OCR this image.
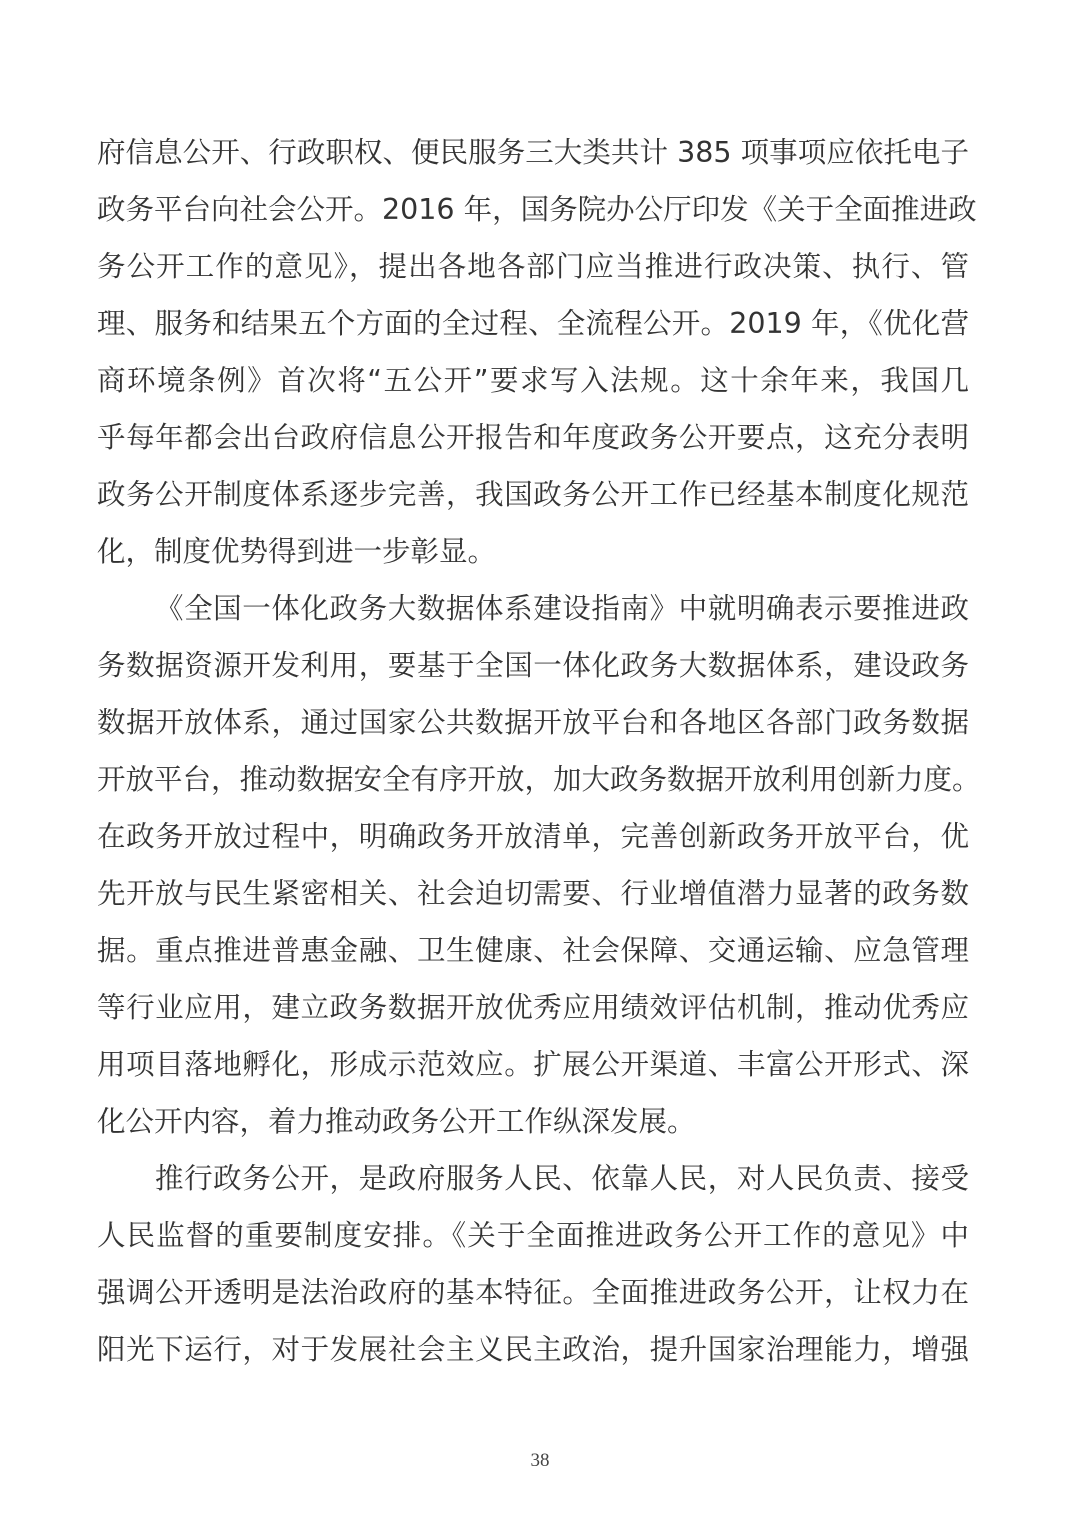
府信息公开、行政职权、便民服务三大类共计 385 项事项应依托电子
政务平台向社会公开。2016 年，国务院办公厅印发《关于全面推进政
务公开工作的意见》，提出各地各部门应当推进行政决策、执行、管
理、服务和结果五个方面的全过程、全流程公开。2019 年，《优化营
商环境条例》首次将“五公开”要求写入法规。这十余年来，我国几
乎每年都会出台政府信息公开报告和年度政务公开要点，这充分表明
政务公开制度体系逐步完善，我国政务公开工作已经基本制度化规范
化，制度优势得到进一步彰显。
《全国一体化政务大数据体系建设指南》中就明确表示要推进政
务数据资源开发利用，要基于全国一体化政务大数据体系，建设政务
数据开放体系，通过国家公共数据开放平台和各地区各部门政务数据
开放平台，推动数据安全有序开放，加大政务数据开放利用创新力度。
在政务开放过程中，明确政务开放清单，完善创新政务开放平台，优
先开放与民生紧密相关、社会迫切需要、行业增值潜力显著的政务数
据。重点推进普惠金融、卫生健康、社会保障、交通运输、应急管理
等行业应用，建立政务数据开放优秀应用绩效评估机制，推动优秀应
用项目落地孵化，形成示范效应。扩展公开渠道、丰富公开形式、深
化公开内容，着力推动政务公开工作纵深发展。
推行政务公开，是政府服务人民、依靠人民，对人民负责、接受
人民监督的重要制度安排。《关于全面推进政务公开工作的意见》中
强调公开透明是法治政府的基本特征。全面推进政务公开，让权力在
阳光下运行，对于发展社会主义民主政治，提升国家治理能力，增强
38
